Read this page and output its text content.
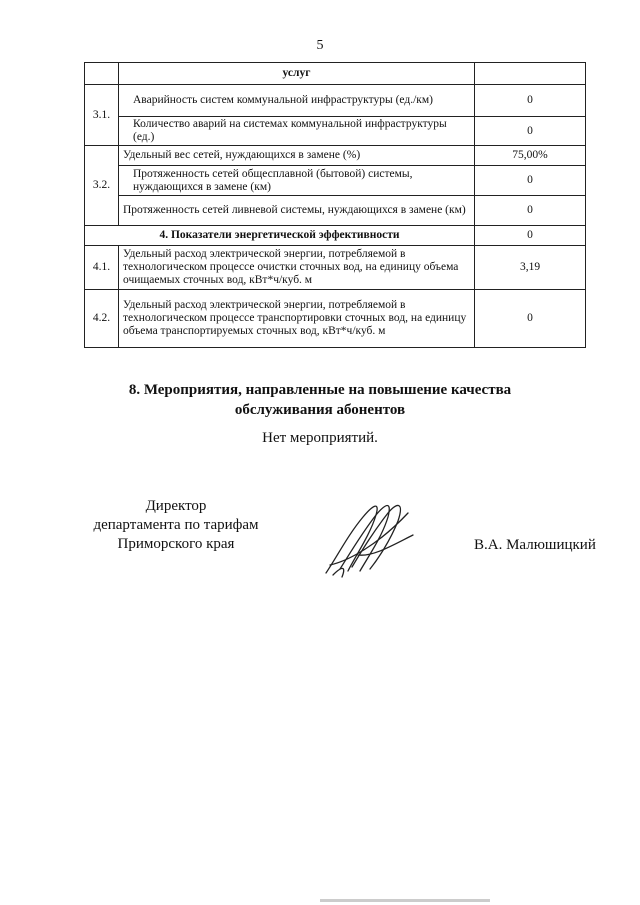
5
	услуг	
3.1.	Аварийность систем коммунальной инфраструктуры (ед./км)	0
	Количество аварий на системах коммунальной инфраструктуры (ед.)	0
3.2.	Удельный вес сетей, нуждающихся в замене (%)	75,00%
	Протяженность сетей общесплавной (бытовой) системы, нуждающихся в замене (км)	0
	Протяженность сетей ливневой системы, нуждающихся в замене (км)	0
4. Показатели энергетической эффективности		0
4.1.	Удельный расход электрической энергии, потребляемой в технологическом процессе очистки сточных вод, на единицу объема очищаемых сточных вод, кВт*ч/куб. м	3,19
4.2.	Удельный расход электрической энергии, потребляемой в технологическом процессе транспортировки сточных вод, на единицу объема транспортируемых сточных вод, кВт*ч/куб. м	0
8. Мероприятия, направленные на повышение качества
обслуживания абонентов
Нет мероприятий.
Директор
департамента по тарифам
Приморского края	В.А. Малюшицкий
